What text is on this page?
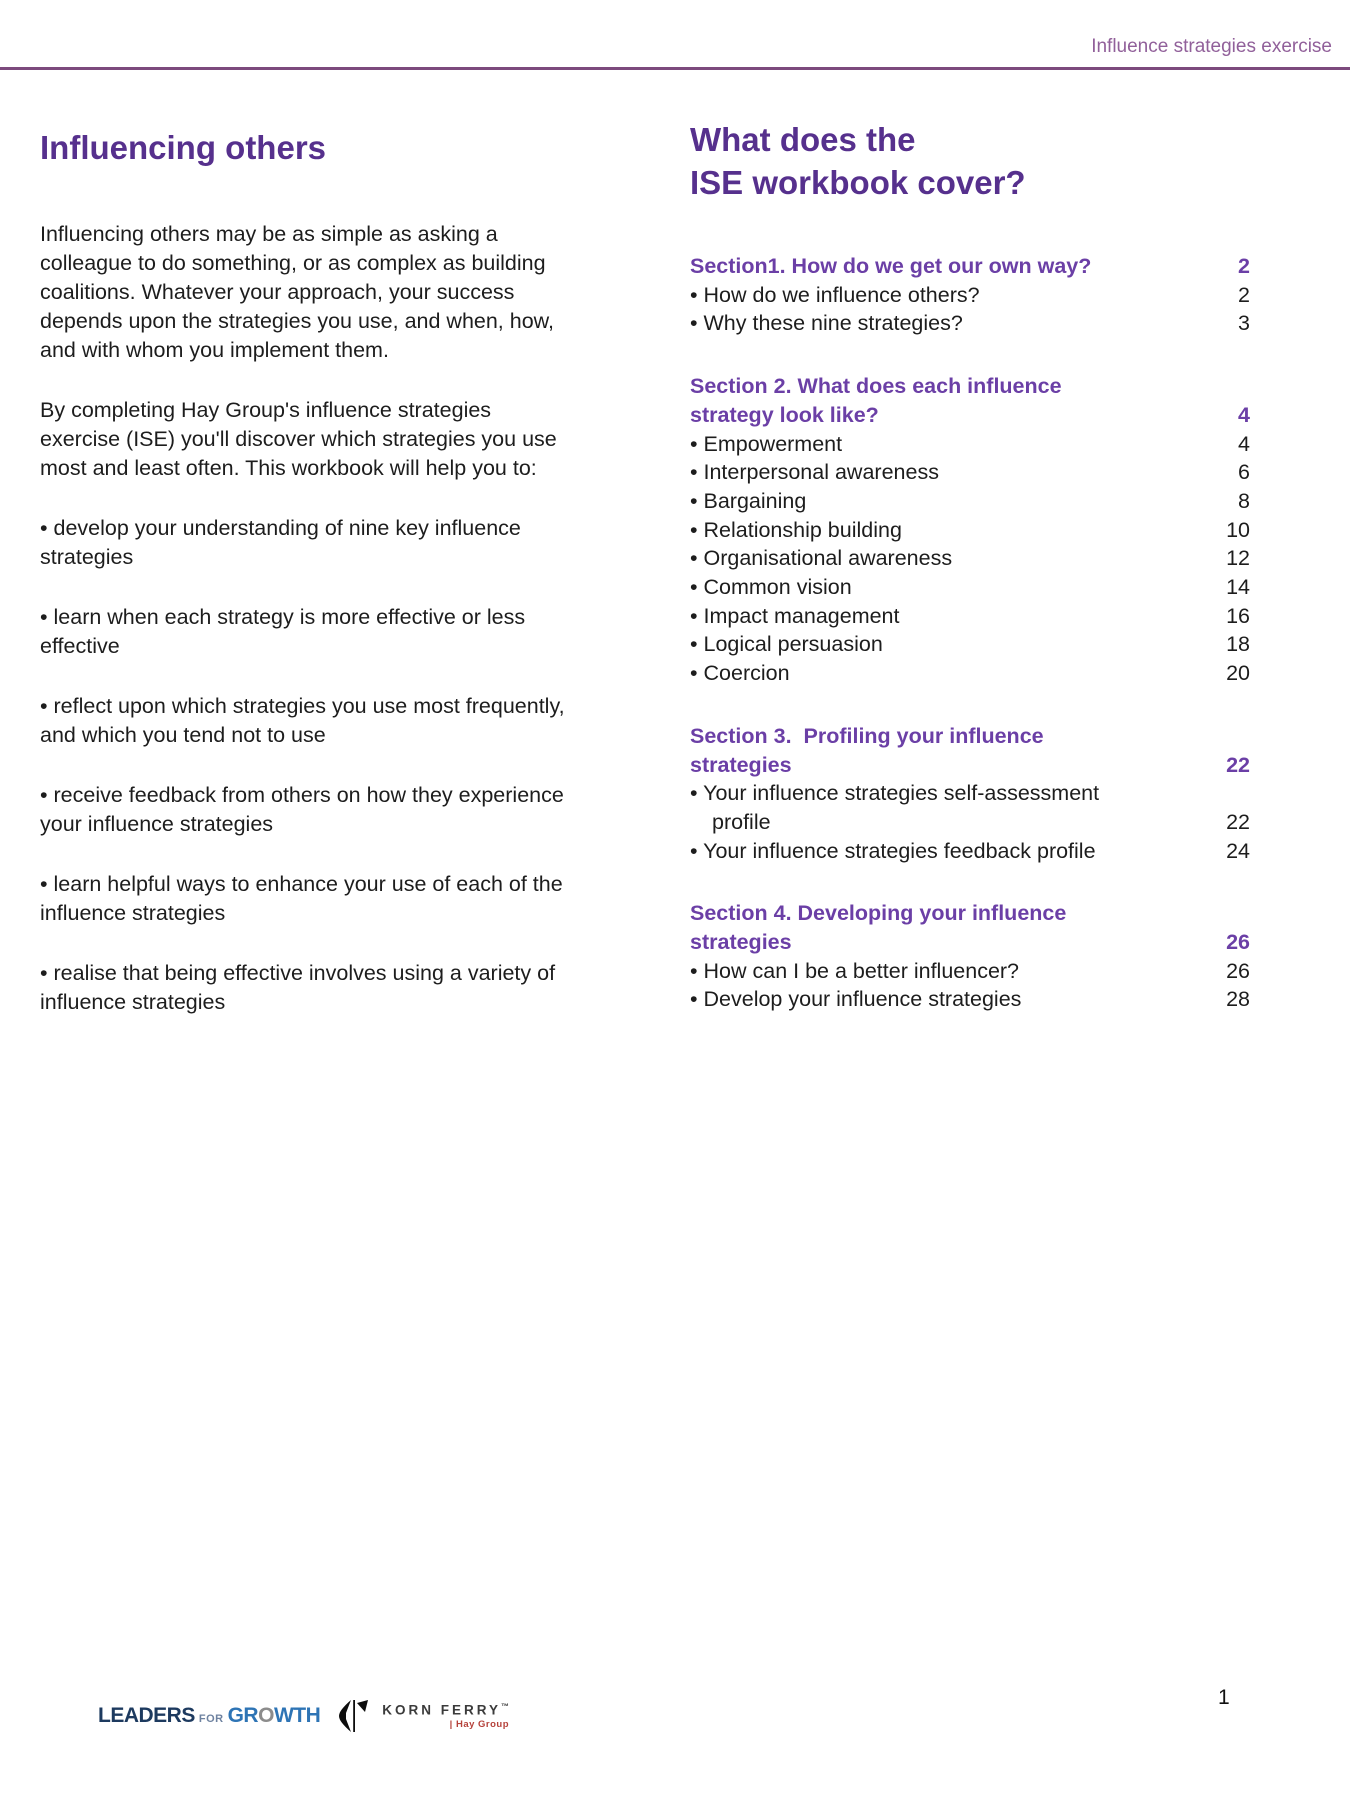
Influence strategies exercise
Influencing others

Influencing others may be as simple as asking a colleague to do something, or as complex as building coalitions. Whatever your approach, your success depends upon the strategies you use, and when, how, and with whom you implement them.

By completing Hay Group's influence strategies exercise (ISE) you'll discover which strategies you use most and least often. This workbook will help you to:

• develop your understanding of nine key influence strategies

• learn when each strategy is more effective or less effective

• reflect upon which strategies you use most frequently, and which you tend not to use

• receive feedback from others on how they experience your influence strategies

• learn helpful ways to enhance your use of each of the influence strategies

• realise that being effective involves using a variety of influence strategies

What does the
ISE workbook cover?
Section1. How do we get our own way?	2
• How do we influence others?	2
• Why these nine strategies?	3
Section 2. What does each influence
strategy look like?	4
• Empowerment	4
• Interpersonal awareness	6
• Bargaining	8
• Relationship building	10
• Organisational awareness	12
• Common vision	14
• Impact management	16
• Logical persuasion	18
• Coercion	20
Section 3.  Profiling your influence
strategies	22
• Your influence strategies self-assessment
profile	22
• Your influence strategies feedback profile	24
Section 4. Developing your influence
strategies	26
• How can I be a better influencer?	26
• Develop your influence strategies	28
LEADERS FOR GR O WTH	KORN FERRY™
| Hay Group
1
